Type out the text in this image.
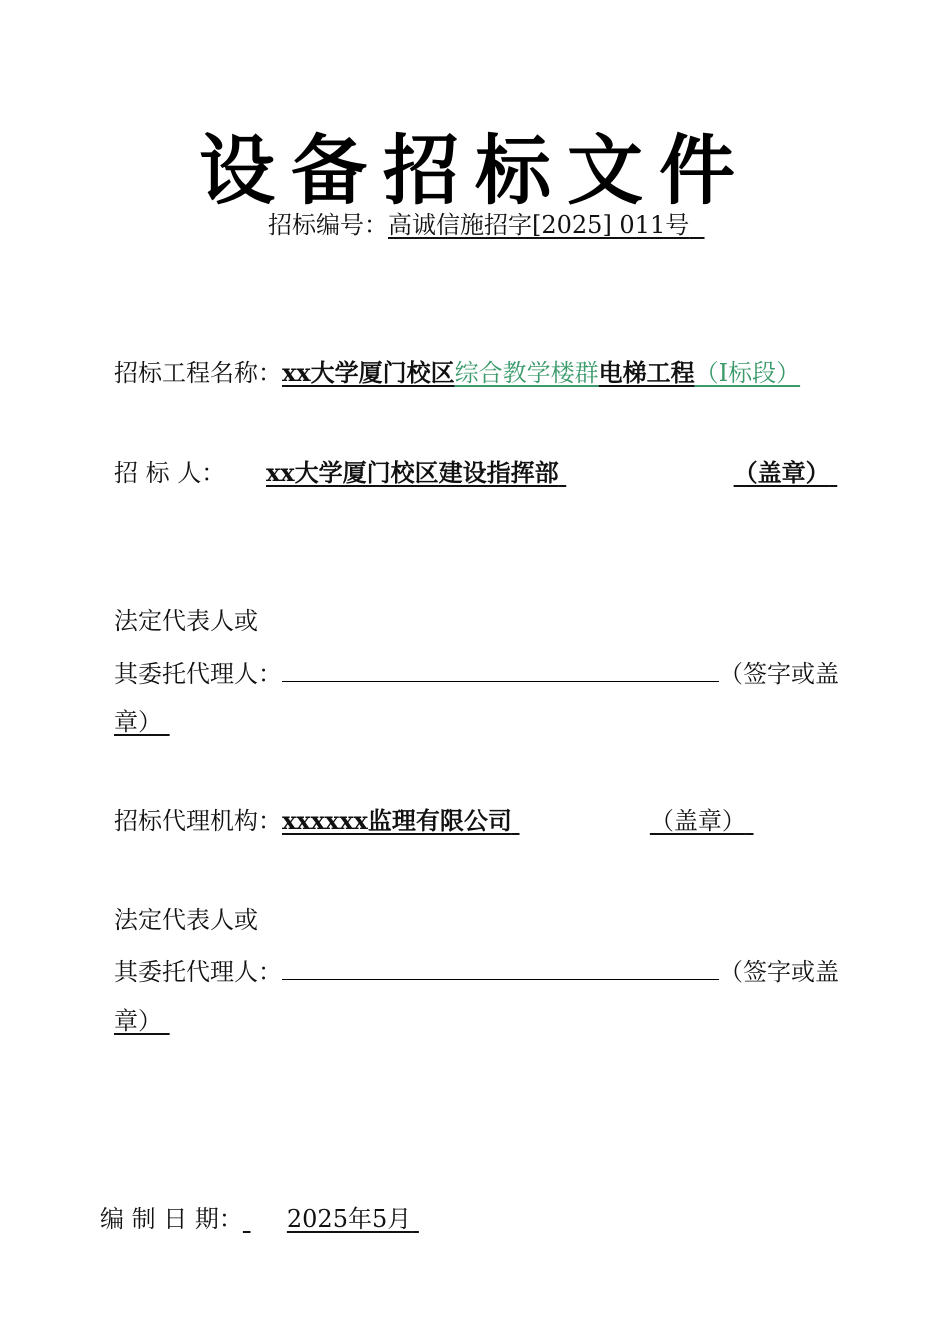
设备招标文件
招标编号：高诚信施招字[2025] 011号
招标工程名称：xx大学厦门校区综合教学楼群电梯工程（Ⅰ标段）
招 标 人： xx大学厦门校区建设指挥部	（盖章）
法定代表人或
其委托代理人：	（签字或盖
章）
招标代理机构：xxxxxx监理有限公司	（盖章）
法定代表人或
其委托代理人：	（签字或盖
章）
编 制 日 期： 2025年5月
